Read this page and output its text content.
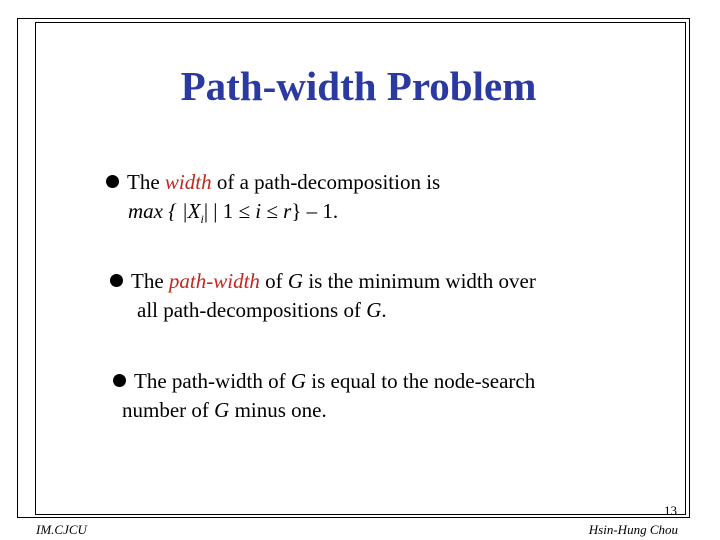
Path-width Problem
The width of a path-decomposition is
max { $|X_i|$ | 1 ≤ i ≤ r} – 1.
The path-width of G is the minimum width over
all path-decompositions of G.
The path-width of G is equal to the node-search
number of G minus one.
IM.CJCU
13
Hsin-Hung Chou
